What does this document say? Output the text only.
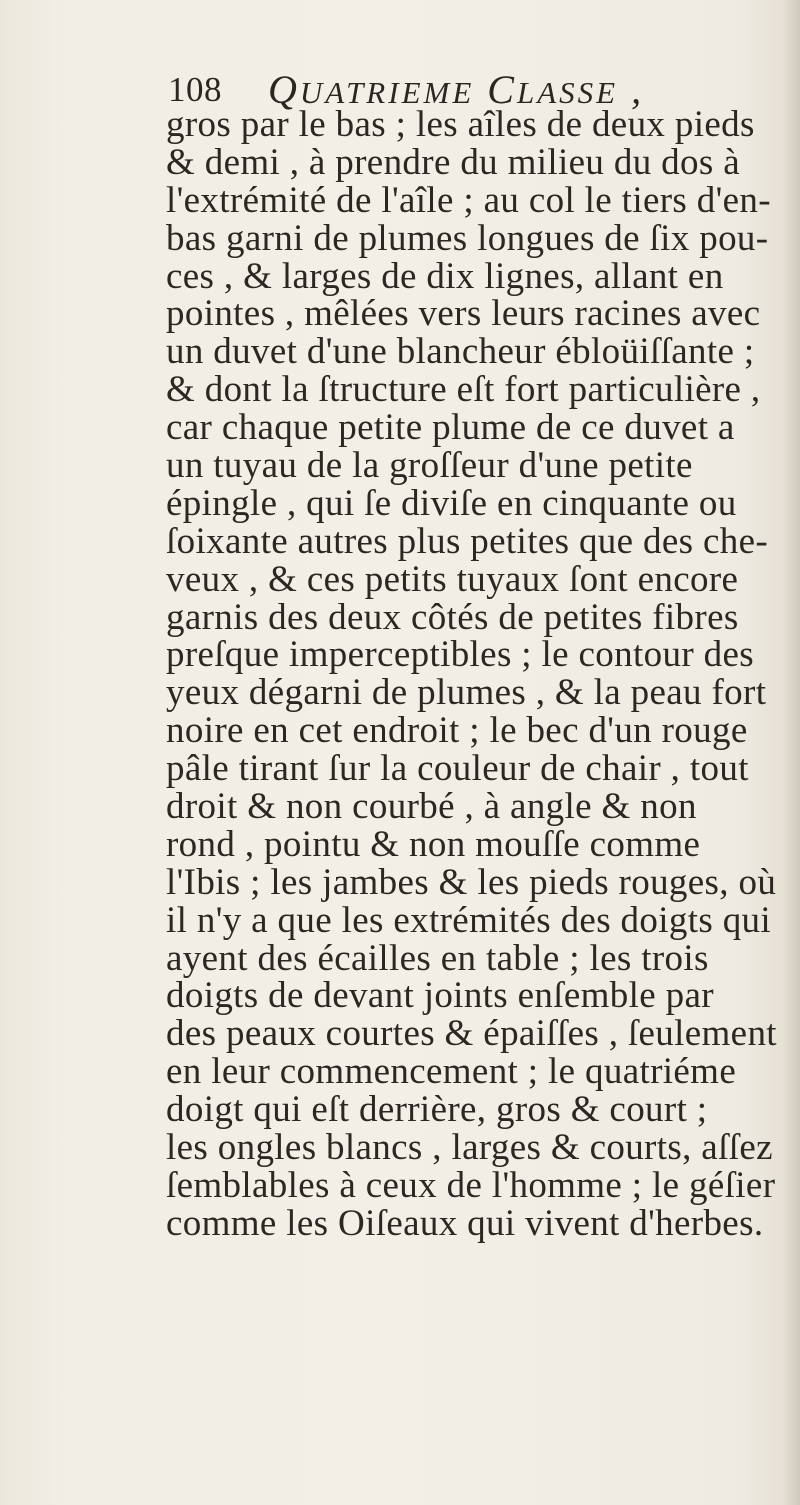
108 QUATRIEME CLASSE ,
gros par le bas ; les aîles de deux pieds
& demi , à prendre du milieu du dos à
l'extrémité de l'aîle ; au col le tiers d'en-
bas garni de plumes longues de ſix pou-
ces , & larges de dix lignes, allant en
pointes , mêlées vers leurs racines avec
un duvet d'une blancheur ébloüiſſante ;
& dont la ſtructure eſt fort particulière ,
car chaque petite plume de ce duvet a
un tuyau de la groſſeur d'une petite
épingle , qui ſe diviſe en cinquante ou
ſoixante autres plus petites que des che-
veux , & ces petits tuyaux ſont encore
garnis des deux côtés de petites fibres
preſque imperceptibles ; le contour des
yeux dégarni de plumes , & la peau fort
noire en cet endroit ; le bec d'un rouge
pâle tirant ſur la couleur de chair , tout
droit & non courbé , à angle & non
rond , pointu & non mouſſe comme
l'Ibis ; les jambes & les pieds rouges, où
il n'y a que les extrémités des doigts qui
ayent des écailles en table ; les trois
doigts de devant joints enſemble par
des peaux courtes & épaiſſes , ſeulement
en leur commencement ; le quatriéme
doigt qui eſt derrière, gros & court ;
les ongles blancs , larges & courts, aſſez
ſemblables à ceux de l'homme ; le géſier
comme les Oiſeaux qui vivent d'herbes.
